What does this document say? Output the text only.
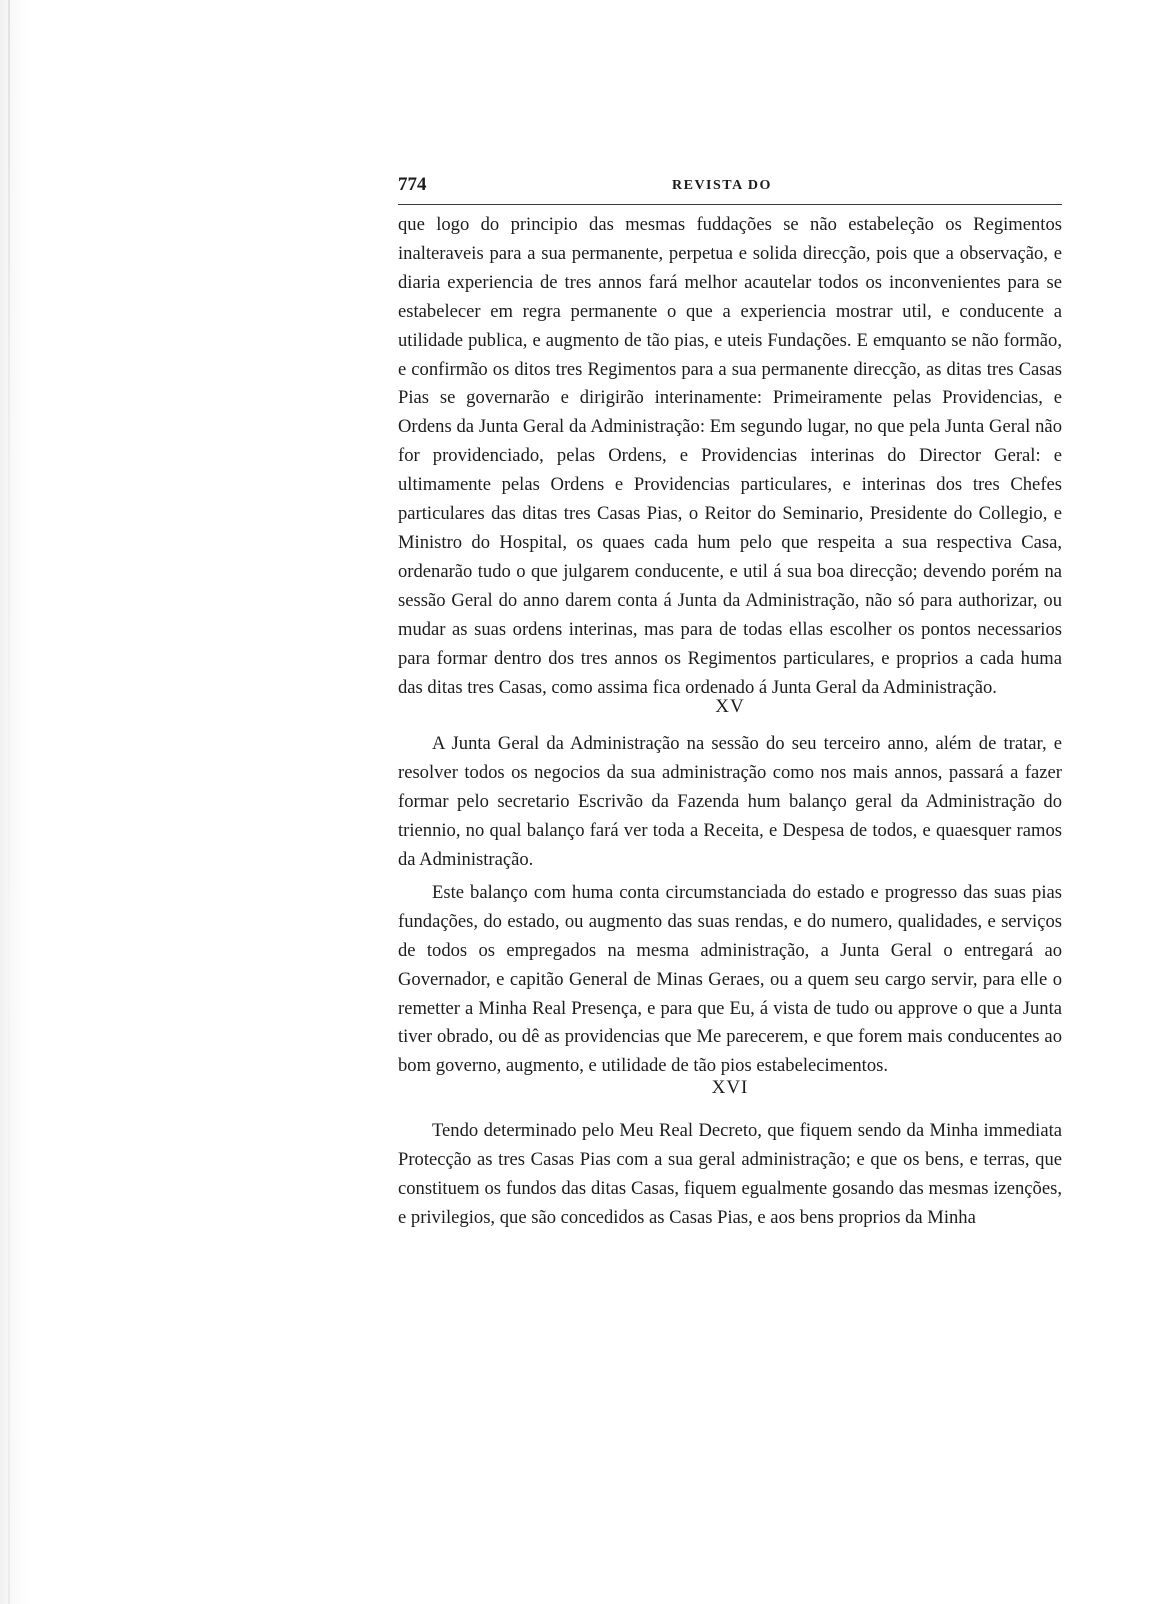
774	REVISTA DO

que logo do principio das mesmas fuddações se não estabeleção os Regimentos inalteraveis para a sua permanente, perpetua e solida direcção, pois que a observação, e diaria experiencia de tres annos fará melhor acautelar todos os inconvenientes para se estabelecer em regra permanente o que a experiencia mostrar util, e conducente a utilidade publica, e augmento de tão pias, e uteis Fundações. E emquanto se não formão, e confirmão os ditos tres Regimentos para a sua permanente direcção, as ditas tres Casas Pias se governarão e dirigirão interinamente: Primeiramente pelas Providencias, e Ordens da Junta Geral da Administração: Em segundo lugar, no que pela Junta Geral não for providenciado, pelas Ordens, e Providencias interinas do Director Geral: e ultimamente pelas Ordens e Providencias particulares, e interinas dos tres Chefes particulares das ditas tres Casas Pias, o Reitor do Seminario, Presidente do Collegio, e Ministro do Hospital, os quaes cada hum pelo que respeita a sua respectiva Casa, ordenarão tudo o que julgarem conducente, e util á sua boa direcção; devendo porém na sessão Geral do anno darem conta á Junta da Administração, não só para authorizar, ou mudar as suas ordens interinas, mas para de todas ellas escolher os pontos necessarios para formar dentro dos tres annos os Regimentos particulares, e proprios a cada huma das ditas tres Casas, como assima fica ordenado á Junta Geral da Administração.

XV

A Junta Geral da Administração na sessão do seu terceiro anno, além de tratar, e resolver todos os negocios da sua administração como nos mais annos, passará a fazer formar pelo secretario Escrivão da Fazenda hum balanço geral da Administração do triennio, no qual balanço fará ver toda a Receita, e Despesa de todos, e quaesquer ramos da Administração.

Este balanço com huma conta circumstanciada do estado e progresso das suas pias fundações, do estado, ou augmento das suas rendas, e do numero, qualidades, e serviços de todos os empregados na mesma administração, a Junta Geral o entregará ao Governador, e capitão General de Minas Geraes, ou a quem seu cargo servir, para elle o remetter a Minha Real Presença, e para que Eu, á vista de tudo ou approve o que a Junta tiver obrado, ou dê as providencias que Me parecerem, e que forem mais conducentes ao bom governo, augmento, e utilidade de tão pios estabelecimentos.

XVI

Tendo determinado pelo Meu Real Decreto, que fiquem sendo da Minha immediata Protecção as tres Casas Pias com a sua geral administração; e que os bens, e terras, que constituem os fundos das ditas Casas, fiquem egualmente gosando das mesmas izenções, e privilegios, que são concedidos as Casas Pias, e aos bens proprios da Minha
